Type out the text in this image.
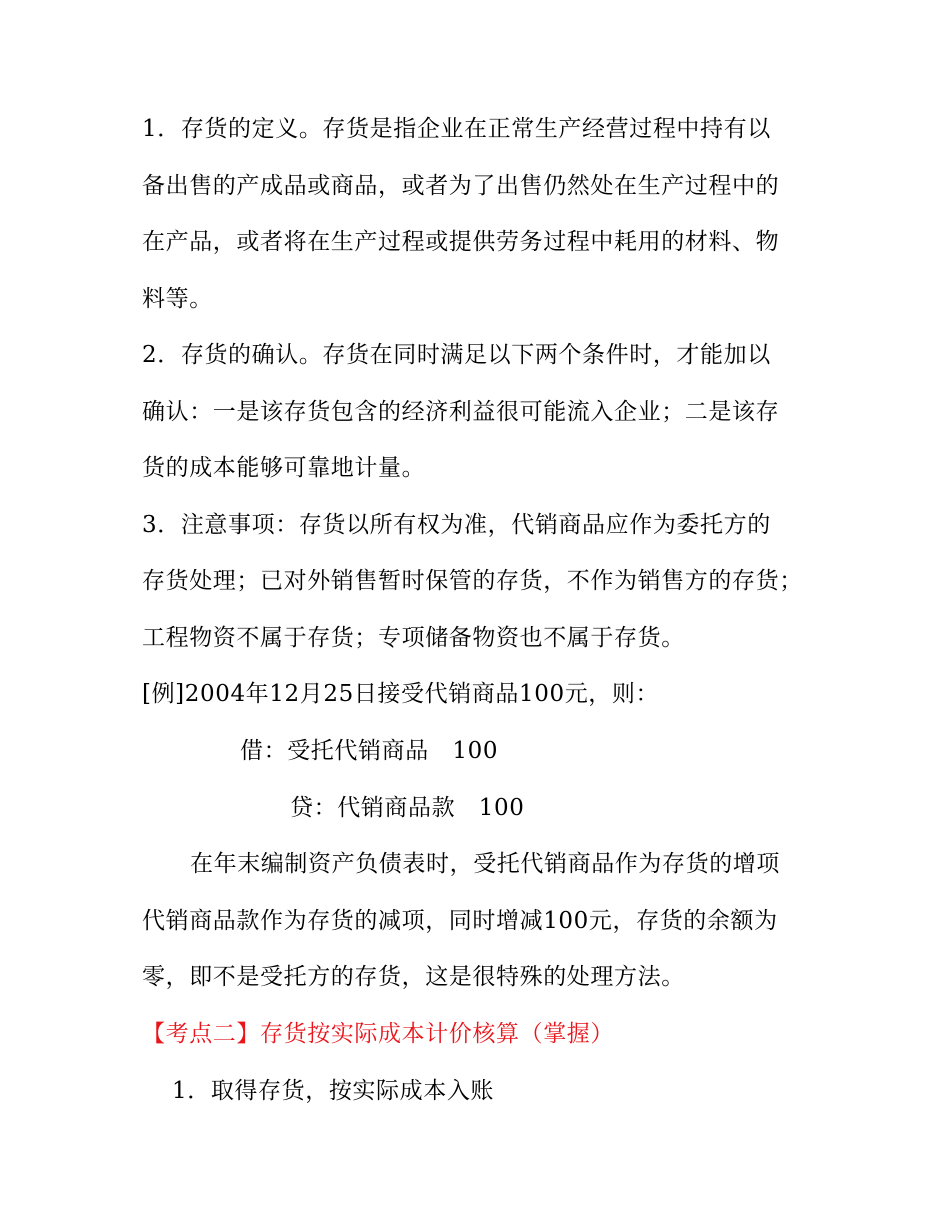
1．存货的定义。存货是指企业在正常生产经营过程中持有以
备出售的产成品或商品，或者为了出售仍然处在生产过程中的
在产品，或者将在生产过程或提供劳务过程中耗用的材料、物
料等。
2．存货的确认。存货在同时满足以下两个条件时，才能加以
确认：一是该存货包含的经济利益很可能流入企业；二是该存
货的成本能够可靠地计量。
3．注意事项：存货以所有权为准，代销商品应作为委托方的
存货处理；已对外销售暂时保管的存货，不作为销售方的存货；
工程物资不属于存货；专项储备物资也不属于存货。
[例]2004年12月25日接受代销商品100元，则：
借：受托代销商品　100
贷：代销商品款　100
在年末编制资产负债表时，受托代销商品作为存货的增项
代销商品款作为存货的减项，同时增减100元，存货的余额为
零，即不是受托方的存货，这是很特殊的处理方法。
【考点二】存货按实际成本计价核算（掌握）
1．取得存货，按实际成本入账
